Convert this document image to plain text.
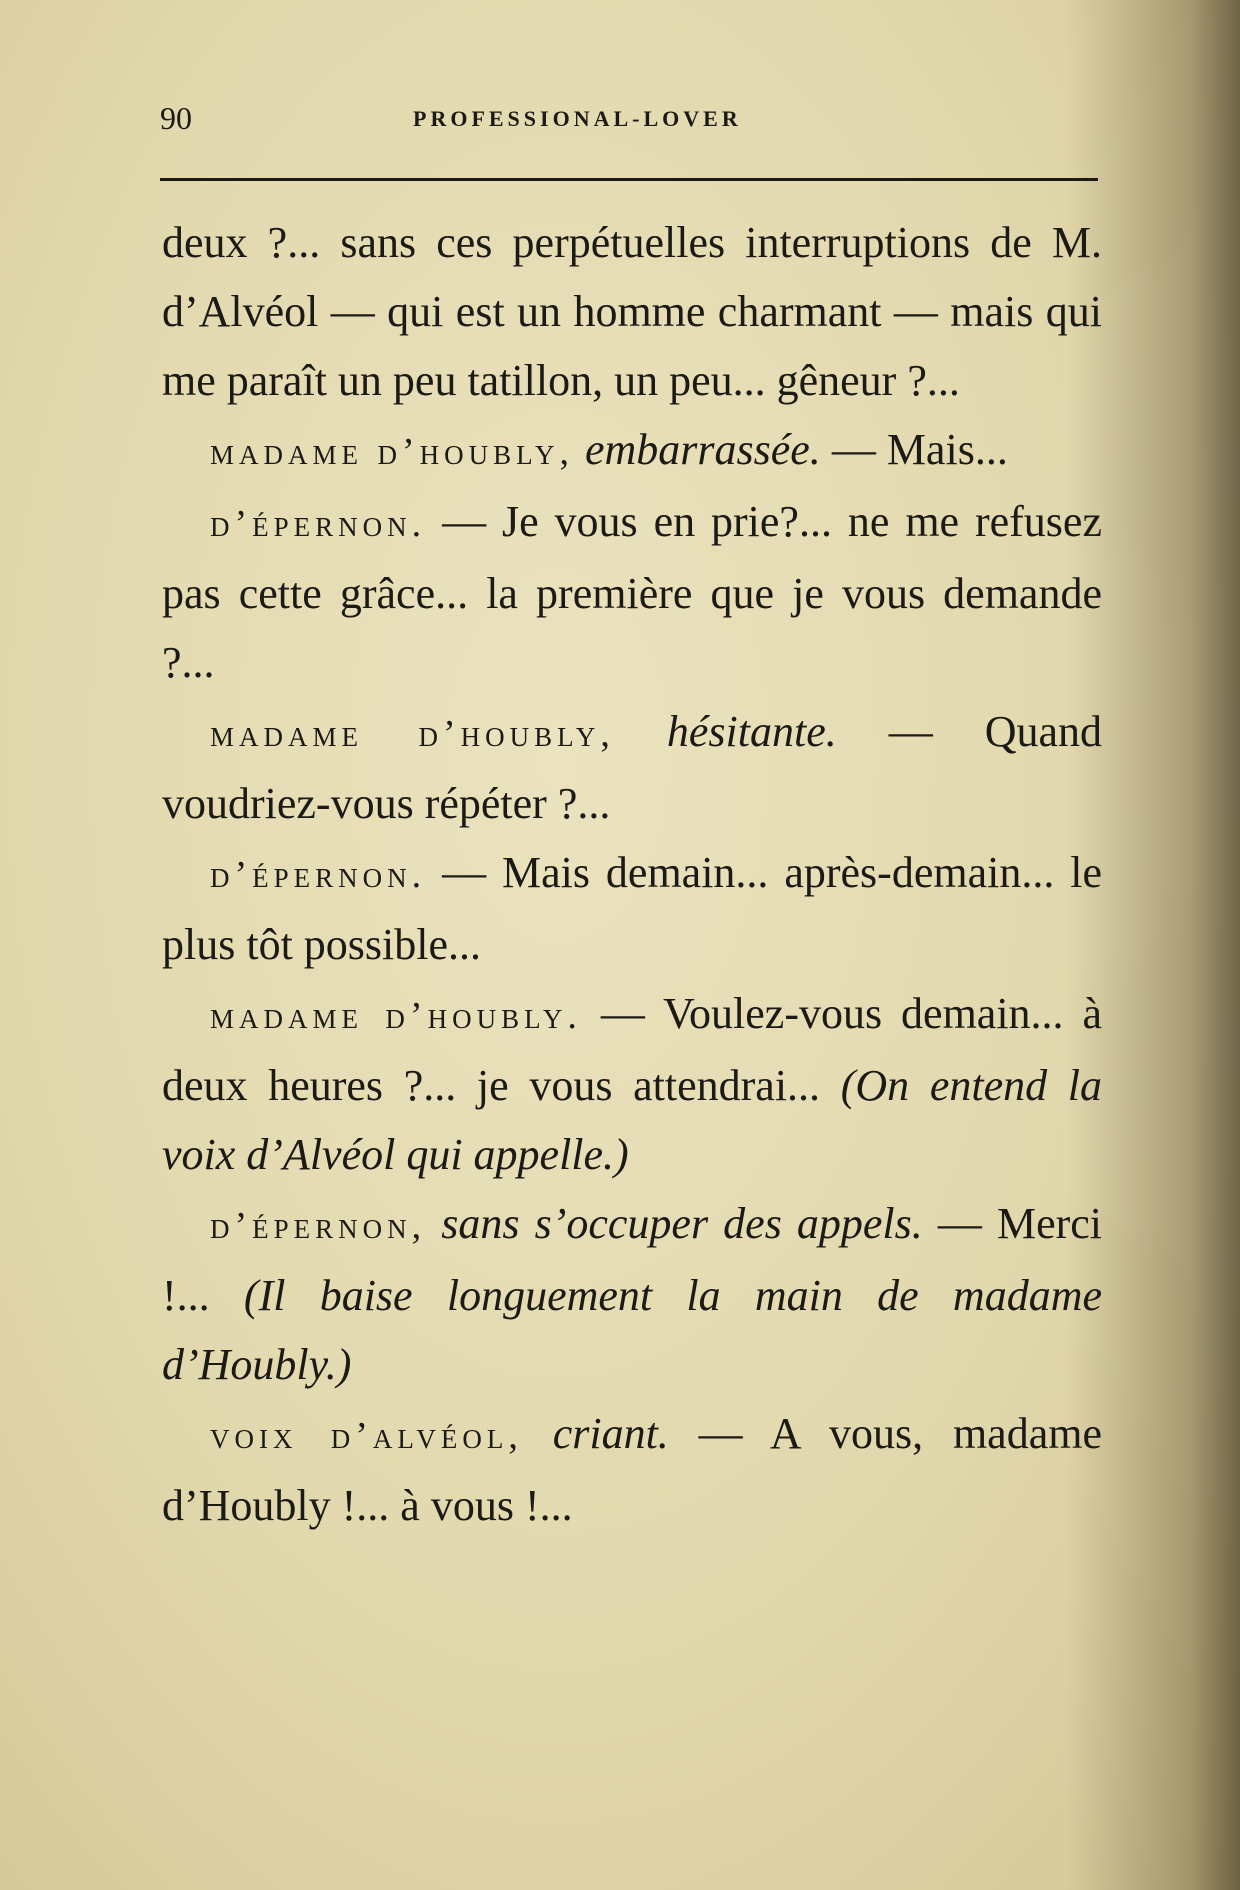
90	PROFESSIONAL-LOVER

deux ?... sans ces perpétuelles interruptions de M. d’Alvéol — qui est un homme charmant — mais qui me paraît un peu tatillon, un peu... gêneur ?...

madame d’houbly, embarrassée. — Mais...

d’épernon. — Je vous en prie?... ne me refusez pas cette grâce... la première que je vous demande ?...

madame d’houbly, hésitante. — Quand voudriez-vous répéter ?...

d’épernon. — Mais demain... après-demain... le plus tôt possible...

madame d’houbly. — Voulez-vous demain... à deux heures ?... je vous attendrai... (On entend la voix d’Alvéol qui appelle.)

d’épernon, sans s’occuper des appels. — Merci !... (Il baise longuement la main de madame d’Houbly.)

voix d’alvéol, criant. — A vous, madame d’Houbly !... à vous !...
